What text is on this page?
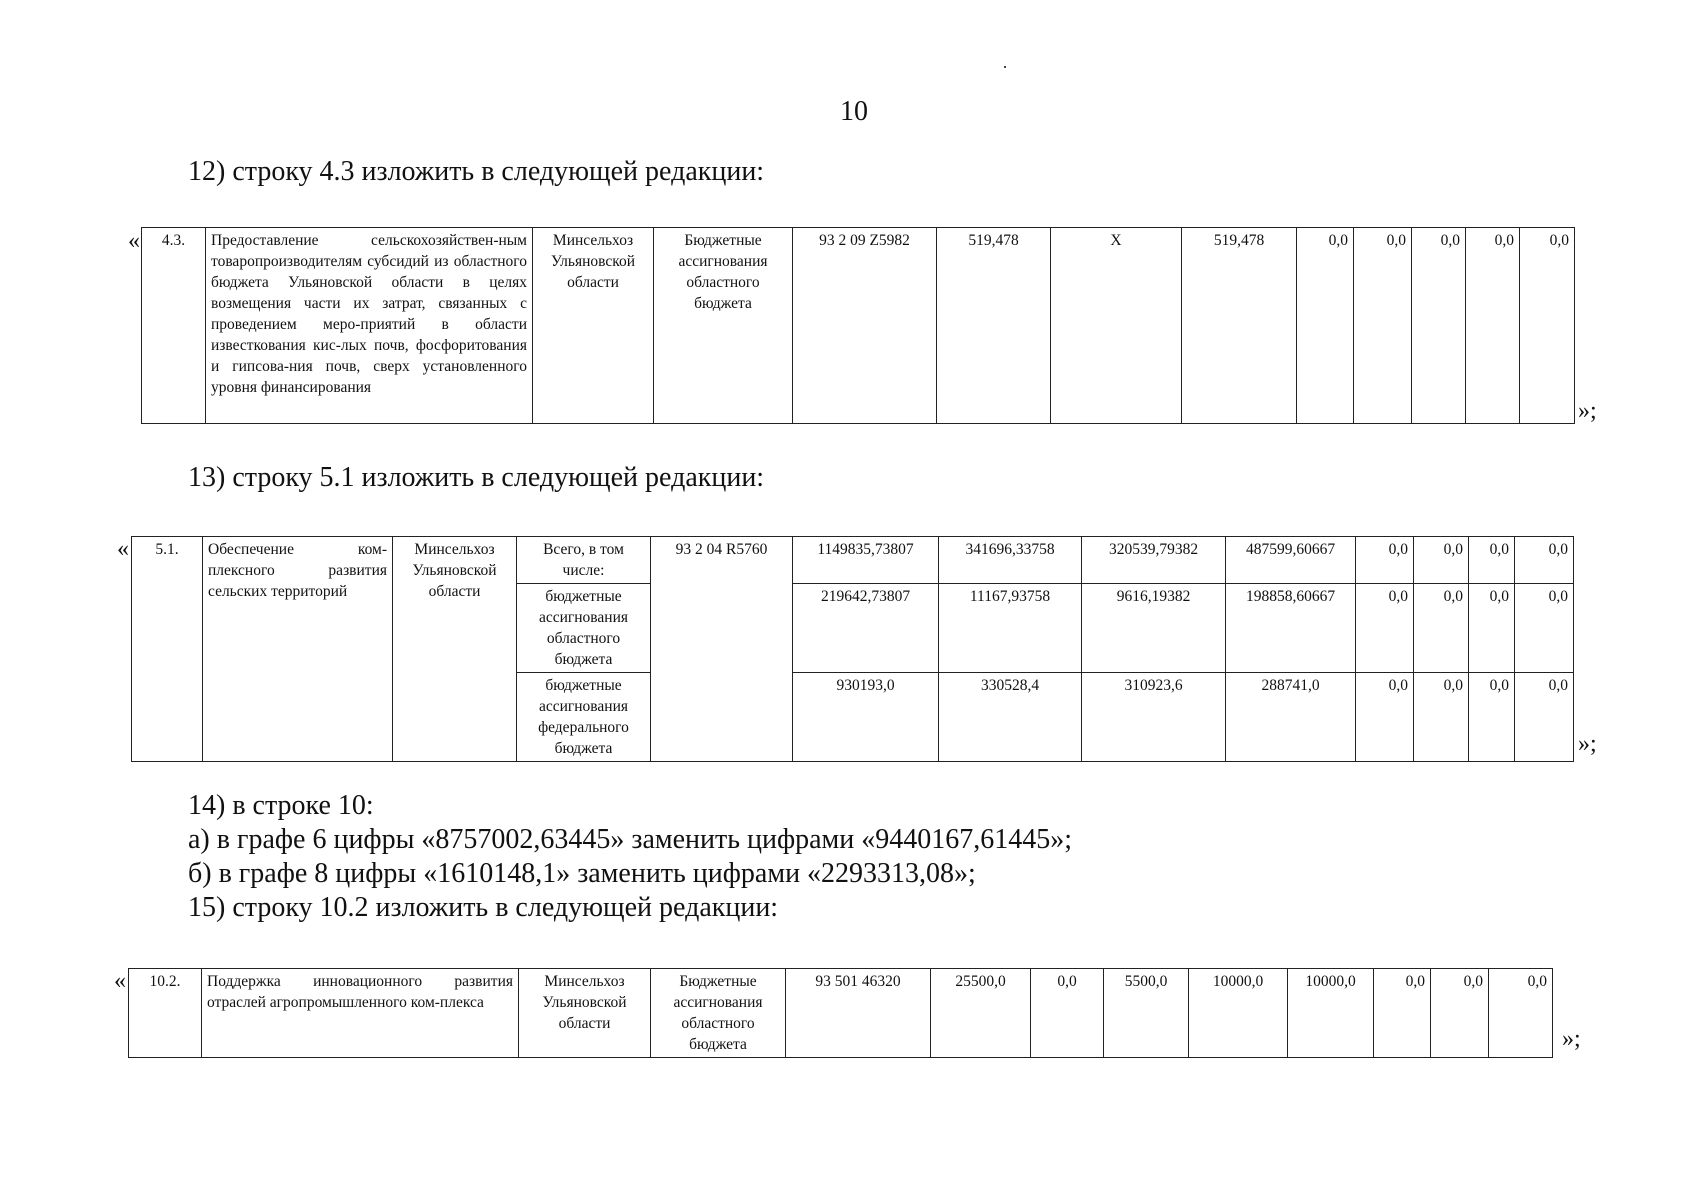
10
12) строку 4.3 изложить в следующей редакции:
« 4.3.	Предоставление сельскохозяйствен-ным товаропроизводителям субсидий из областного бюджета Ульяновской области в целях возмещения части их затрат, связанных с проведением меро-приятий в области известкования кис-лых почв, фосфоритования и гипсова-ния почв, сверх установленного уровня финансирования	Минсельхоз Ульяновской области	Бюджетные ассигнования областного бюджета	93 2 09 Z5982	519,478	X	519,478	0,0	0,0	0,0	0,0	0,0
»;
13) строку 5.1 изложить в следующей редакции:
« 5.1.	Обеспечение ком-плексного развития сельских территорий	Минсельхоз Ульяновской области	Всего, в том числе:	93 2 04 R5760	1149835,73807	341696,33758	320539,79382	487599,60667	0,0	0,0	0,0	0,0
			бюджетные ассигнования областного бюджета		219642,73807	11167,93758	9616,19382	198858,60667	0,0	0,0	0,0	0,0
			бюджетные ассигнования федерального бюджета		930193,0	330528,4	310923,6	288741,0	0,0	0,0	0,0	0,0
»;
14) в строке 10:
а) в графе 6 цифры «8757002,63445» заменить цифрами «9440167,61445»;
б) в графе 8 цифры «1610148,1» заменить цифрами «2293313,08»;
15) строку 10.2 изложить в следующей редакции:
« 10.2.	Поддержка инновационного развития отраслей агропромышленного ком-плекса	Минсельхоз Ульяновской области	Бюджетные ассигнования областного бюджета	93 501 46320	25500,0	0,0	5500,0	10000,0	10000,0	0,0	0,0	0,0
»;
